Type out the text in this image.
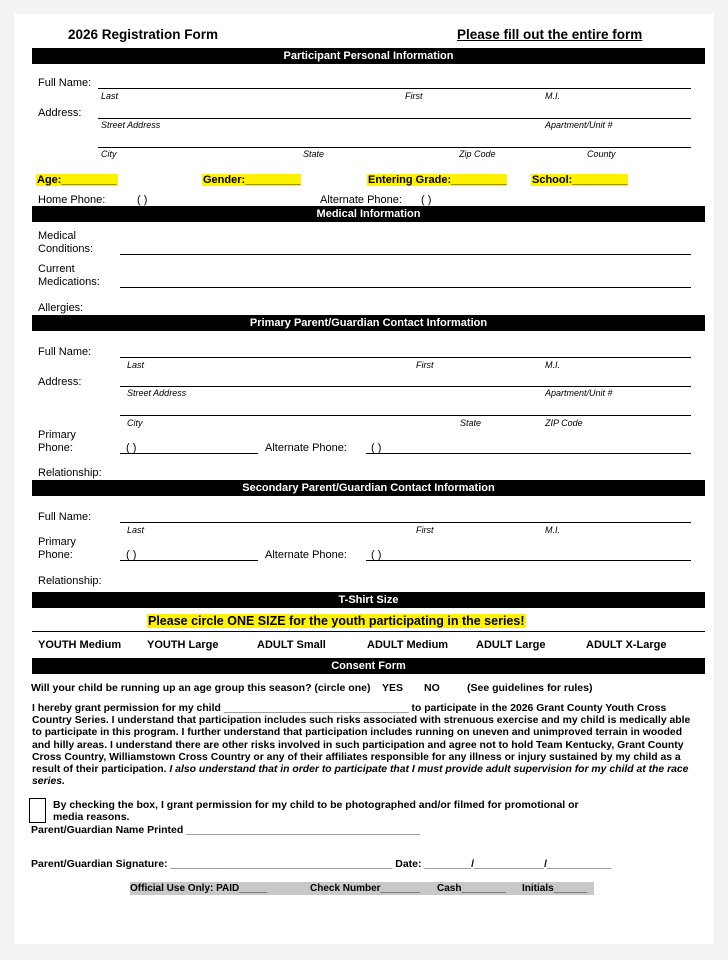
2026 Registration Form	Please fill out the entire form
Participant Personal Information
Full Name:
Last	First	M.I.
Address:
Street Address	Apartment/Unit #
City	State	Zip Code	County
Age:_________	Gender:_________	Entering Grade:_________ School:_________
Home Phone:	( )	Alternate Phone: ( )
Medical Information
Medical
Conditions:
Current
Medications:
Allergies:
Primary Parent/Guardian Contact Information
Full Name:
Last	First	M.I.
Address:
Street Address	Apartment/Unit #
City	State	ZIP Code
Primary
Phone:	( )	Alternate Phone: ( )
Relationship:
Secondary Parent/Guardian Contact Information
Full Name:
Last	First	M.I.
Primary
Phone:	( )	Alternate Phone: ( )
Relationship:
T-Shirt Size
Please circle ONE SIZE for the youth participating in the series!
YOUTH Medium YOUTH Large	ADULT Small	ADULT Medium	ADULT Large	ADULT X-Large
Consent Form
Will your child be running up an age group this season? (circle one) YES NO	(See guidelines for rules)
I hereby grant permission for my child ________________________________ to participate in the 2026 Grant County Youth Cross Country Series. I understand that participation includes such risks associated with strenuous exercise and my child is medically able to participate in this program. I further understand that participation includes running on uneven and unimproved terrain in wooded and hilly areas. I understand there are other risks involved in such participation and agree not to hold Team Kentucky, Grant County Cross Country, Williamstown Cross Country or any of their affiliates responsible for any illness or injury sustained by my child as a result of their participation. I also understand that in order to participate that I must provide adult supervision for my child at the race series.
By checking the box, I grant permission for my child to be photographed and/or filmed for promotional or
media reasons.
Parent/Guardian Name Printed ________________________________________
Parent/Guardian Signature: ______________________________________ Date: ________/____________/___________
Official Use Only: PAID_____	Check Number_______ Cash________ Initials______
